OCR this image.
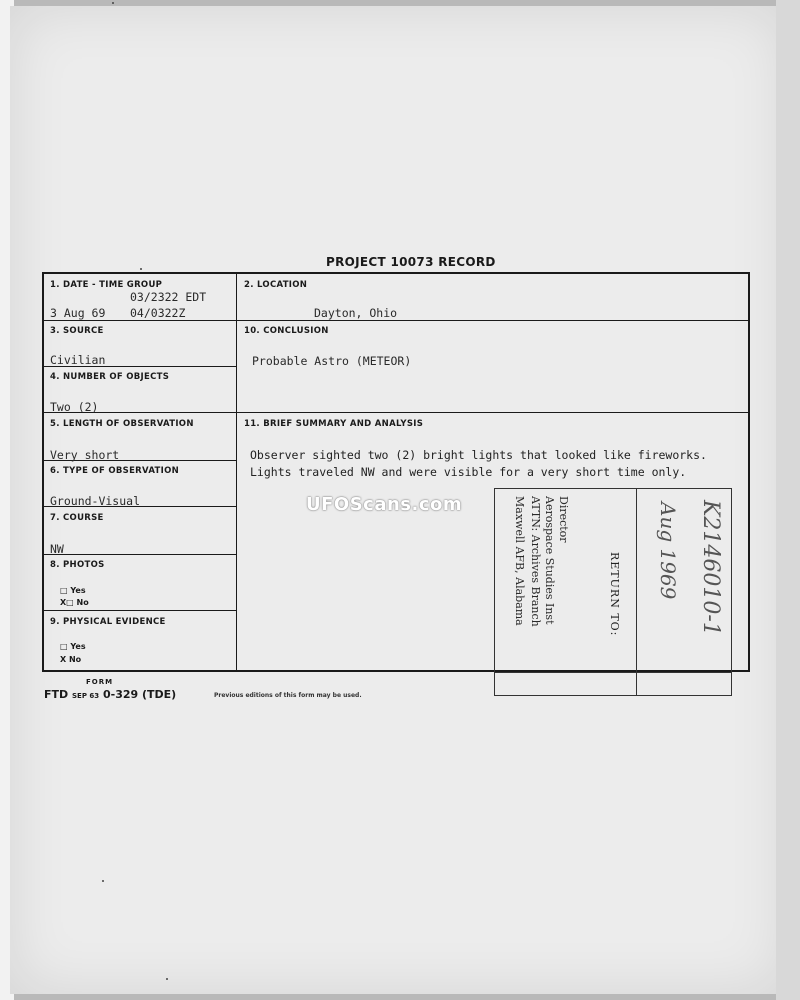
PROJECT 10073 RECORD
1. DATE - TIME GROUP
03/2322 EDT
3 Aug 69 04/0322Z
2. LOCATION
Dayton, Ohio
3. SOURCE
Civilian
10. CONCLUSION
Probable Astro (METEOR)
4. NUMBER OF OBJECTS
Two (2)
5. LENGTH OF OBSERVATION
Very short
11. BRIEF SUMMARY AND ANALYSIS
Observer sighted two (2) bright lights that looked like fireworks. Lights traveled NW and were visible for a very short time only.
6. TYPE OF OBSERVATION
Ground-Visual
7. COURSE
NW
8. PHOTOS
□ Yes
X□ No
9. PHYSICAL EVIDENCE
□ Yes
X No
Director
Aerospace Studies Inst
ATTN: Archives Branch
Maxwell AFB, Alabama	RETURN TO:	K2146010-1
Aug 1969
UFOScans.com
FORM
FTD SEP 63 0-329 (TDE)	Previous editions of this form may be used.
